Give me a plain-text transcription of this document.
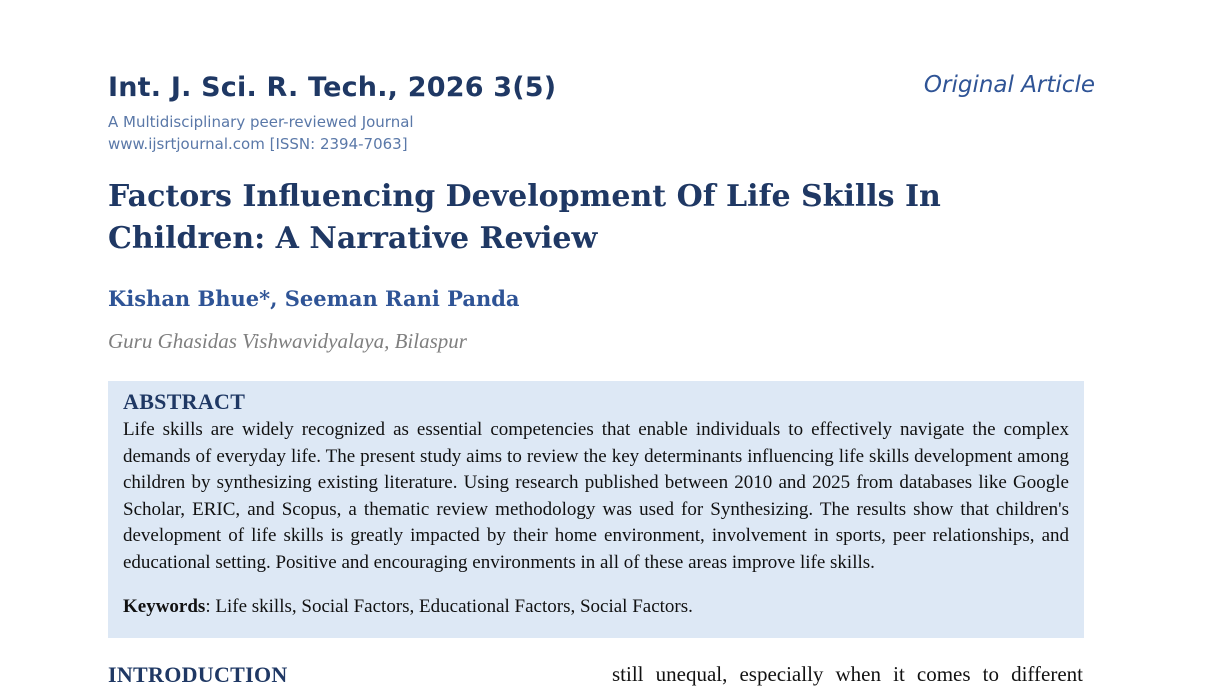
Int. J. Sci. R. Tech., 2026 3(5)
A Multidisciplinary peer-reviewed Journal
www.ijsrtjournal.com [ISSN: 2394-7063]
Original Article
Factors Influencing Development Of Life Skills In Children: A Narrative Review
Kishan Bhue*, Seeman Rani Panda
Guru Ghasidas Vishwavidyalaya, Bilaspur
ABSTRACT

Life skills are widely recognized as essential competencies that enable individuals to effectively navigate the complex demands of everyday life. The present study aims to review the key determinants influencing life skills development among children by synthesizing existing literature. Using research published between 2010 and 2025 from databases like Google Scholar, ERIC, and Scopus, a thematic review methodology was used for Synthesizing. The results show that children's development of life skills is greatly impacted by their home environment, involvement in sports, peer relationships, and educational setting. Positive and encouraging environments in all of these areas improve life skills.

Keywords: Life skills, Social Factors, Educational Factors, Social Factors.

INTRODUCTION	still unequal, especially when it comes to different
